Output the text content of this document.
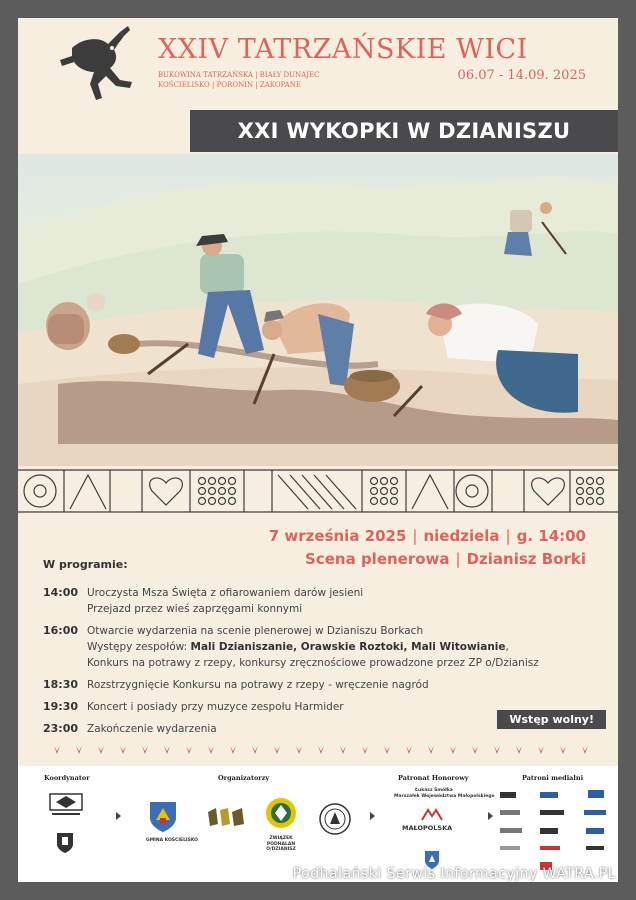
XXIV TATRZAŃSKIE WICI
BUKOWINA TATRZAŃSKA | BIAŁY DUNAJEC
KOŚCIELISKO | PORONIN | ZAKOPANE
06.07 - 14.09. 2025
XXI WYKOPKI W DZIANISZU
7 września 2025 | niedziela | g. 14:00
Scena plenerowa | Dzianisz Borki
W programie:
14:00 Uroczysta Msza Święta z ofiarowaniem darów jesieni
Przejazd przez wieś zaprzęgami konnymi
16:00 Otwarcie wydarzenia na scenie plenerowej w Dzianiszu Borkach
Występy zespołów: Mali Dzianiszanie, Orawskie Roztoki, Mali Witowianie,
Konkurs na potrawy z rzepy, konkursy zręcznościowe prowadzone przez ZP o/Dzianisz
18:30 Rozstrzygnięcie Konkursu na potrawy z rzepy - wręczenie nagród
19:30 Koncert i posiady przy muzyce zespołu Harmider
23:00 Zakończenie wydarzenia
Wstęp wolny!
Koordynator	Organizatorzy	Patronat Honorowy	Patroni medialni
GMINA KOŚCIELISKO	ZWIĄZEK
PODHALAN
O/DZIANISZ
Łukasz Smółka
Marszałek Województwa Małopolskiego
MAŁOPOLSKA
Podhalański Serwis Informacyjny WATRA.PL
